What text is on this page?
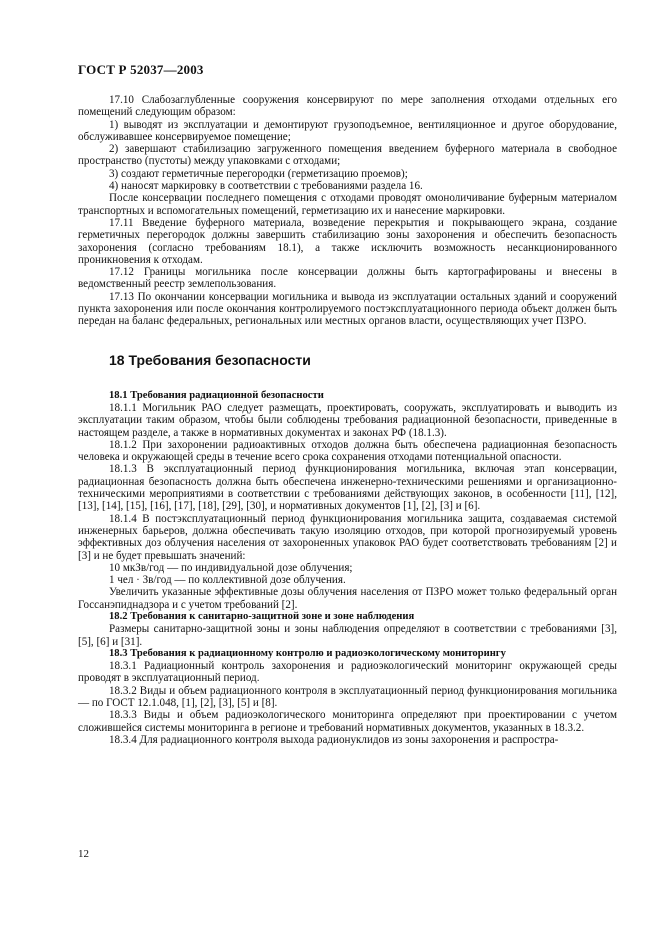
ГОСТ Р 52037—2003

17.10 Слабозаглубленные сооружения консервируют по мере заполнения отходами отдельных его помещений следующим образом:

1) выводят из эксплуатации и демонтируют грузоподъемное, вентиляционное и другое оборудование, обслуживавшее консервируемое помещение;

2) завершают стабилизацию загруженного помещения введением буферного материала в свободное пространство (пустоты) между упаковками с отходами;

3) создают герметичные перегородки (герметизацию проемов);

4) наносят маркировку в соответствии с требованиями раздела 16.

После консервации последнего помещения с отходами проводят омоноличивание буферным материалом транспортных и вспомогательных помещений, герметизацию их и нанесение маркировки.

17.11 Введение буферного материала, возведение перекрытия и покрывающего экрана, создание герметичных перегородок должны завершить стабилизацию зоны захоронения и обеспечить безопасность захоронения (согласно требованиям 18.1), а также исключить возможность несанкционированного проникновения к отходам.

17.12 Границы могильника после консервации должны быть картографированы и внесены в ведомственный реестр землепользования.

17.13 По окончании консервации могильника и вывода из эксплуатации остальных зданий и сооружений пункта захоронения или после окончания контролируемого постэксплуатационного периода объект должен быть передан на баланс федеральных, региональных или местных органов власти, осуществляющих учет ПЗРО.

18 Требования безопасности

18.1 Требования радиационной безопасности

18.1.1 Могильник РАО следует размещать, проектировать, сооружать, эксплуатировать и выводить из эксплуатации таким образом, чтобы были соблюдены требования радиационной безопасности, приведенные в настоящем разделе, а также в нормативных документах и законах РФ (18.1.3).

18.1.2 При захоронении радиоактивных отходов должна быть обеспечена радиационная безопасность человека и окружающей среды в течение всего срока сохранения отходами потенциальной опасности.

18.1.3 В эксплуатационный период функционирования могильника, включая этап консервации, радиационная безопасность должна быть обеспечена инженерно-техническими решениями и организационно-техническими мероприятиями в соответствии с требованиями действующих законов, в особенности [11], [12], [13], [14], [15], [16], [17], [18], [29], [30], и нормативных документов [1], [2], [3] и [6].

18.1.4 В постэксплуатационный период функционирования могильника защита, создаваемая системой инженерных барьеров, должна обеспечивать такую изоляцию отходов, при которой прогнозируемый уровень эффективных доз облучения населения от захороненных упаковок РАО будет соответствовать требованиям [2] и [3] и не будет превышать значений:

10 мкЗв/год — по индивидуальной дозе облучения;

1 чел · Зв/год — по коллективной дозе облучения.

Увеличить указанные эффективные дозы облучения населения от ПЗРО может только федеральный орган Госсанэпиднадзора и с учетом требований [2].

18.2 Требования к санитарно-защитной зоне и зоне наблюдения

Размеры санитарно-защитной зоны и зоны наблюдения определяют в соответствии с требованиями [3], [5], [6] и [31].

18.3 Требования к радиационному контролю и радиоэкологическому мониторингу

18.3.1 Радиационный контроль захоронения и радиоэкологический мониторинг окружающей среды проводят в эксплуатационный период.

18.3.2 Виды и объем радиационного контроля в эксплуатационный период функционирования могильника — по ГОСТ 12.1.048, [1], [2], [3], [5] и [8].

18.3.3 Виды и объем радиоэкологического мониторинга определяют при проектировании с учетом сложившейся системы мониторинга в регионе и требований нормативных документов, указанных в 18.3.2.

18.3.4 Для радиационного контроля выхода радионуклидов из зоны захоронения и распростра-

12
